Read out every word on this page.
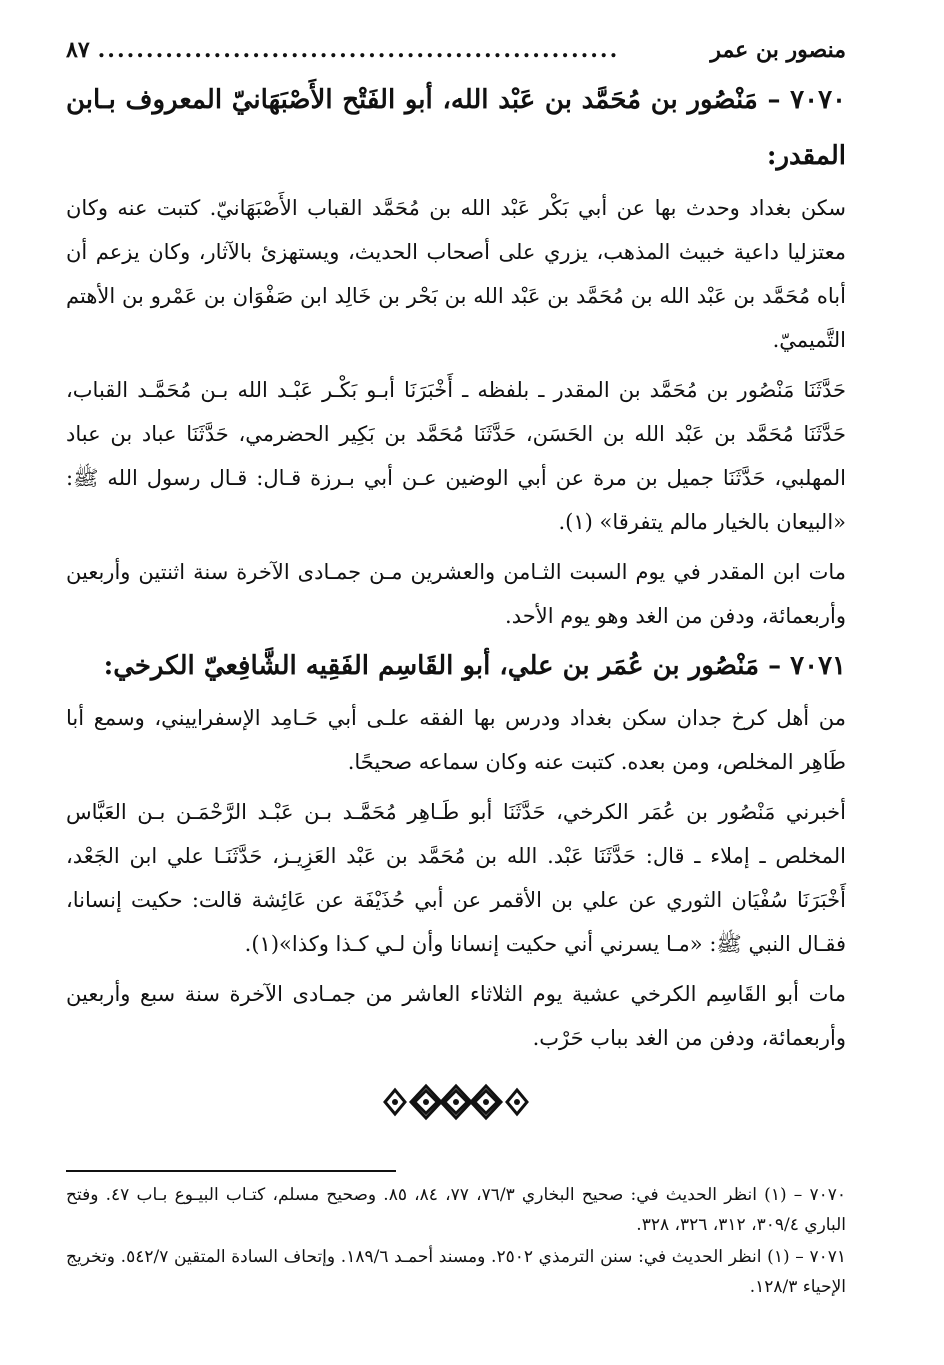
منصور بن عمر
......................................................
٨٧

٧٠٧٠ – مَنْصُور بن مُحَمَّد بن عَبْد الله، أبو الفَتْح الأَصْبَهَانيّ المعروف بـابن المقدر:

سكن بغداد وحدث بها عن أبي بَكْر عَبْد الله بن مُحَمَّد القباب الأَصْبَهَانيّ. كتبت عنه وكان معتزليا داعية خبيث المذهب، يزري على أصحاب الحديث، ويستهزئ بالآثار، وكان يزعم أن أباه مُحَمَّد بن عَبْد الله بن مُحَمَّد بن عَبْد الله بن بَحْر بن خَالِد ابن صَفْوَان بن عَمْرو بن الأهتم التَّميميّ.

حَدَّثَنَا مَنْصُور بن مُحَمَّد بن المقدر ـ بلفظه ـ أَخْبَرَنَا أبـو بَكْـر عَبْـد الله بـن مُحَمَّـد القباب، حَدَّثَنَا مُحَمَّد بن عَبْد الله بن الحَسَن، حَدَّثَنَا مُحَمَّد بن بَكِير الحضرمي، حَدَّثَنَا عباد بن عباد المهلبي، حَدَّثَنَا جميل بن مرة عن أبي الوضين عـن أبي بـرزة قـال: قـال رسول الله ﷺ: «البيعان بالخيار مالم يتفرقا» (١).

مات ابن المقدر في يوم السبت الثـامن والعشرين مـن جمـادى الآخرة سنة اثنتين وأربعين وأربعمائة، ودفن من الغد وهو يوم الأحد.

٧٠٧١ – مَنْصُور بن عُمَر بن علي، أبو القَاسِم الفَقِيه الشَّافِعيّ الكرخي:

من أهل كرخ جدان سكن بغداد ودرس بها الفقه علـى أبي حَـامِد الإسفراييني، وسمع أبا طَاهِر المخلص، ومن بعده. كتبت عنه وكان سماعه صحيحًا.

أخبرني مَنْصُور بن عُمَر الكرخي، حَدَّثَنَا أبو طَـاهِر مُحَمَّـد بـن عَبْـد الرَّحْمَـن بـن العَبَّاس المخلص ـ إملاء ـ قال: حَدَّثَنَا عَبْد. الله بن مُحَمَّد بن عَبْد العَزِيـز، حَدَّثَنَـا علي ابن الجَعْد، أَخْبَرَنَا سُفْيَان الثوري عن علي بن الأقمر عن أبي حُذَيْفَة عن عَائِشة قالت: حكيت إنسانا، فقـال النبي ﷺ: «مـا يسرني أني حكيت إنسانا وأن لـي كـذا وكذا»(١).

مات أبو القَاسِم الكرخي عشية يوم الثلاثاء العاشر من جمـادى الآخرة سنة سبع وأربعين وأربعمائة، ودفن من الغد بباب حَرْب.

٧٠٧٠ – (١) انظر الحديث في: صحيح البخاري ٧٦/٣، ٧٧، ٨٤، ٨٥. وصحيح مسلم، كتـاب البيـوع بـاب ٤٧. وفتح الباري ٣٠٩/٤، ٣١٢، ٣٢٦، ٣٢٨.

٧٠٧١ – (١) انظر الحديث في: سنن الترمذي ٢٥٠٢. ومسند أحمـد ١٨٩/٦. وإتحاف السادة المتقين ٥٤٢/٧. وتخريج الإحياء ١٢٨/٣.
